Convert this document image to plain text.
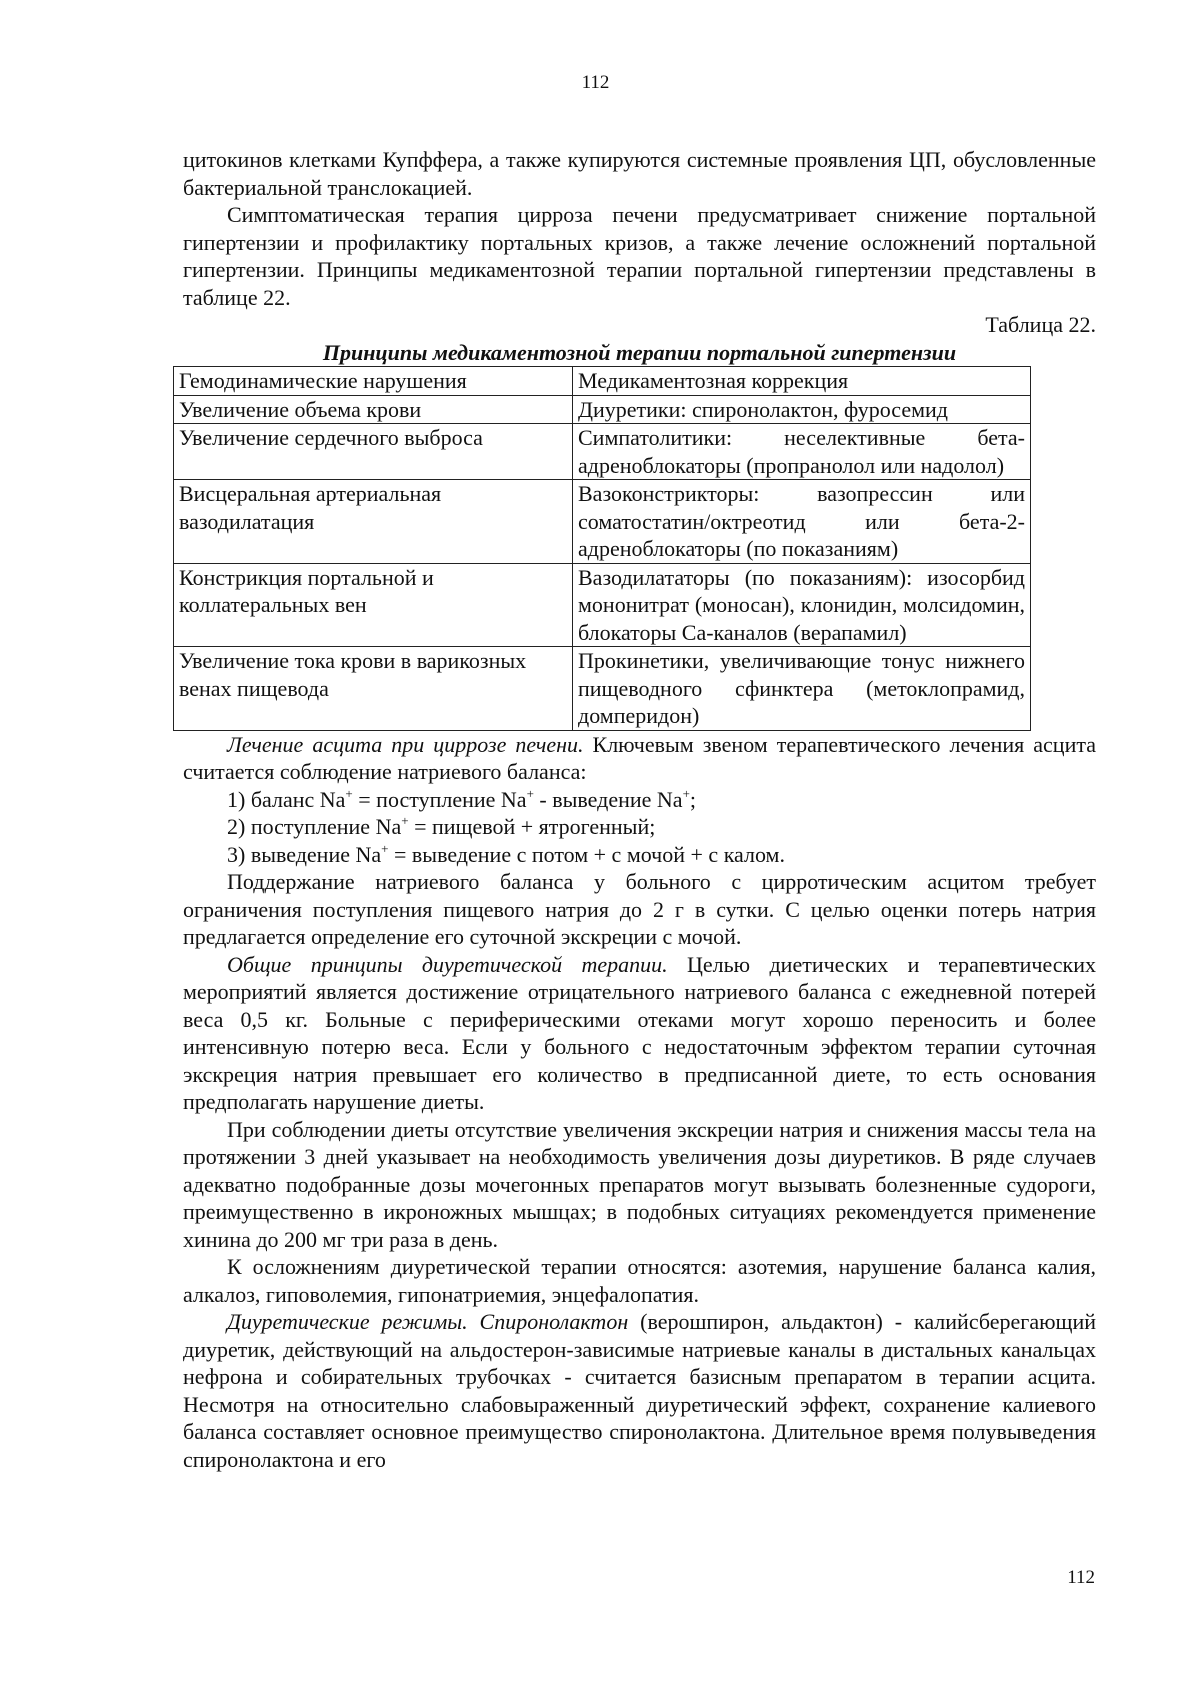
112

цитокинов клетками Купффера, а также купируются системные проявления ЦП, обусловленные бактериальной транслокацией.

Симптоматическая терапия цирроза печени предусматривает снижение портальной гипертензии и профилактику портальных кризов, а также лечение осложнений портальной гипертензии. Принципы медикаментозной терапии портальной гипертензии представлены в таблице 22.

Таблица 22.

Принципы медикаментозной терапии портальной гипертензии

Гемодинамические нарушения	Медикаментозная коррекция
Увеличение объема крови	Диуретики: спиронолактон, фуросемид
Увеличение сердечного выброса	Симпатолитики: неселективные бета-адреноблокаторы (пропранолол или надолол)
Висцеральная артериальная вазодилатация	Вазоконстрикторы: вазопрессин или соматостатин/октреотид или бета-2-адреноблокаторы (по показаниям)
Констрикция портальной и коллатеральных вен	Вазодилататоры (по показаниям): изосорбид мононитрат (моносан), клонидин, молсидомин, блокаторы Са-каналов (верапамил)
Увеличение тока крови в варикозных венах пищевода	Прокинетики, увеличивающие тонус нижнего пищеводного сфинктера (метоклопрамид, домперидон)

Лечение асцита при циррозе печени. Ключевым звеном терапевтического лечения асцита считается соблюдение натриевого баланса:

1) баланс Na+ = поступление Na+ - выведение Na+;

2) поступление Na+ = пищевой + ятрогенный;

3) выведение Na+ = выведение с потом + с мочой + с калом.

Поддержание натриевого баланса у больного с цирротическим асцитом требует ограничения поступления пищевого натрия до 2 г в сутки. С целью оценки потерь натрия предлагается определение его суточной экскреции с мочой.

Общие принципы диуретической терапии. Целью диетических и терапевтических мероприятий является достижение отрицательного натриевого баланса с ежедневной потерей веса 0,5 кг. Больные с периферическими отеками могут хорошо переносить и более интенсивную потерю веса. Если у больного с недостаточным эффектом терапии суточная экскреция натрия превышает его количество в предписанной диете, то есть основания предполагать нарушение диеты.

При соблюдении диеты отсутствие увеличения экскреции натрия и снижения массы тела на протяжении 3 дней указывает на необходимость увеличения дозы диуретиков. В ряде случаев адекватно подобранные дозы мочегонных препаратов могут вызывать болезненные судороги, преимущественно в икроножных мышцах; в подобных ситуациях рекомендуется применение хинина до 200 мг три раза в день.

К осложнениям диуретической терапии относятся: азотемия, нарушение баланса калия, алкалоз, гиповолемия, гипонатриемия, энцефалопатия.

Диуретические режимы. Спиронолактон (верошпирон, альдактон) - калийсберегающий диуретик, действующий на альдостерон-зависимые натриевые каналы в дистальных канальцах нефрона и собирательных трубочках - считается базисным препаратом в терапии асцита. Несмотря на относительно слабовыраженный диуретический эффект, сохранение калиевого баланса составляет основное преимущество спиронолактона. Длительное время полувыведения спиронолактона и его

112
